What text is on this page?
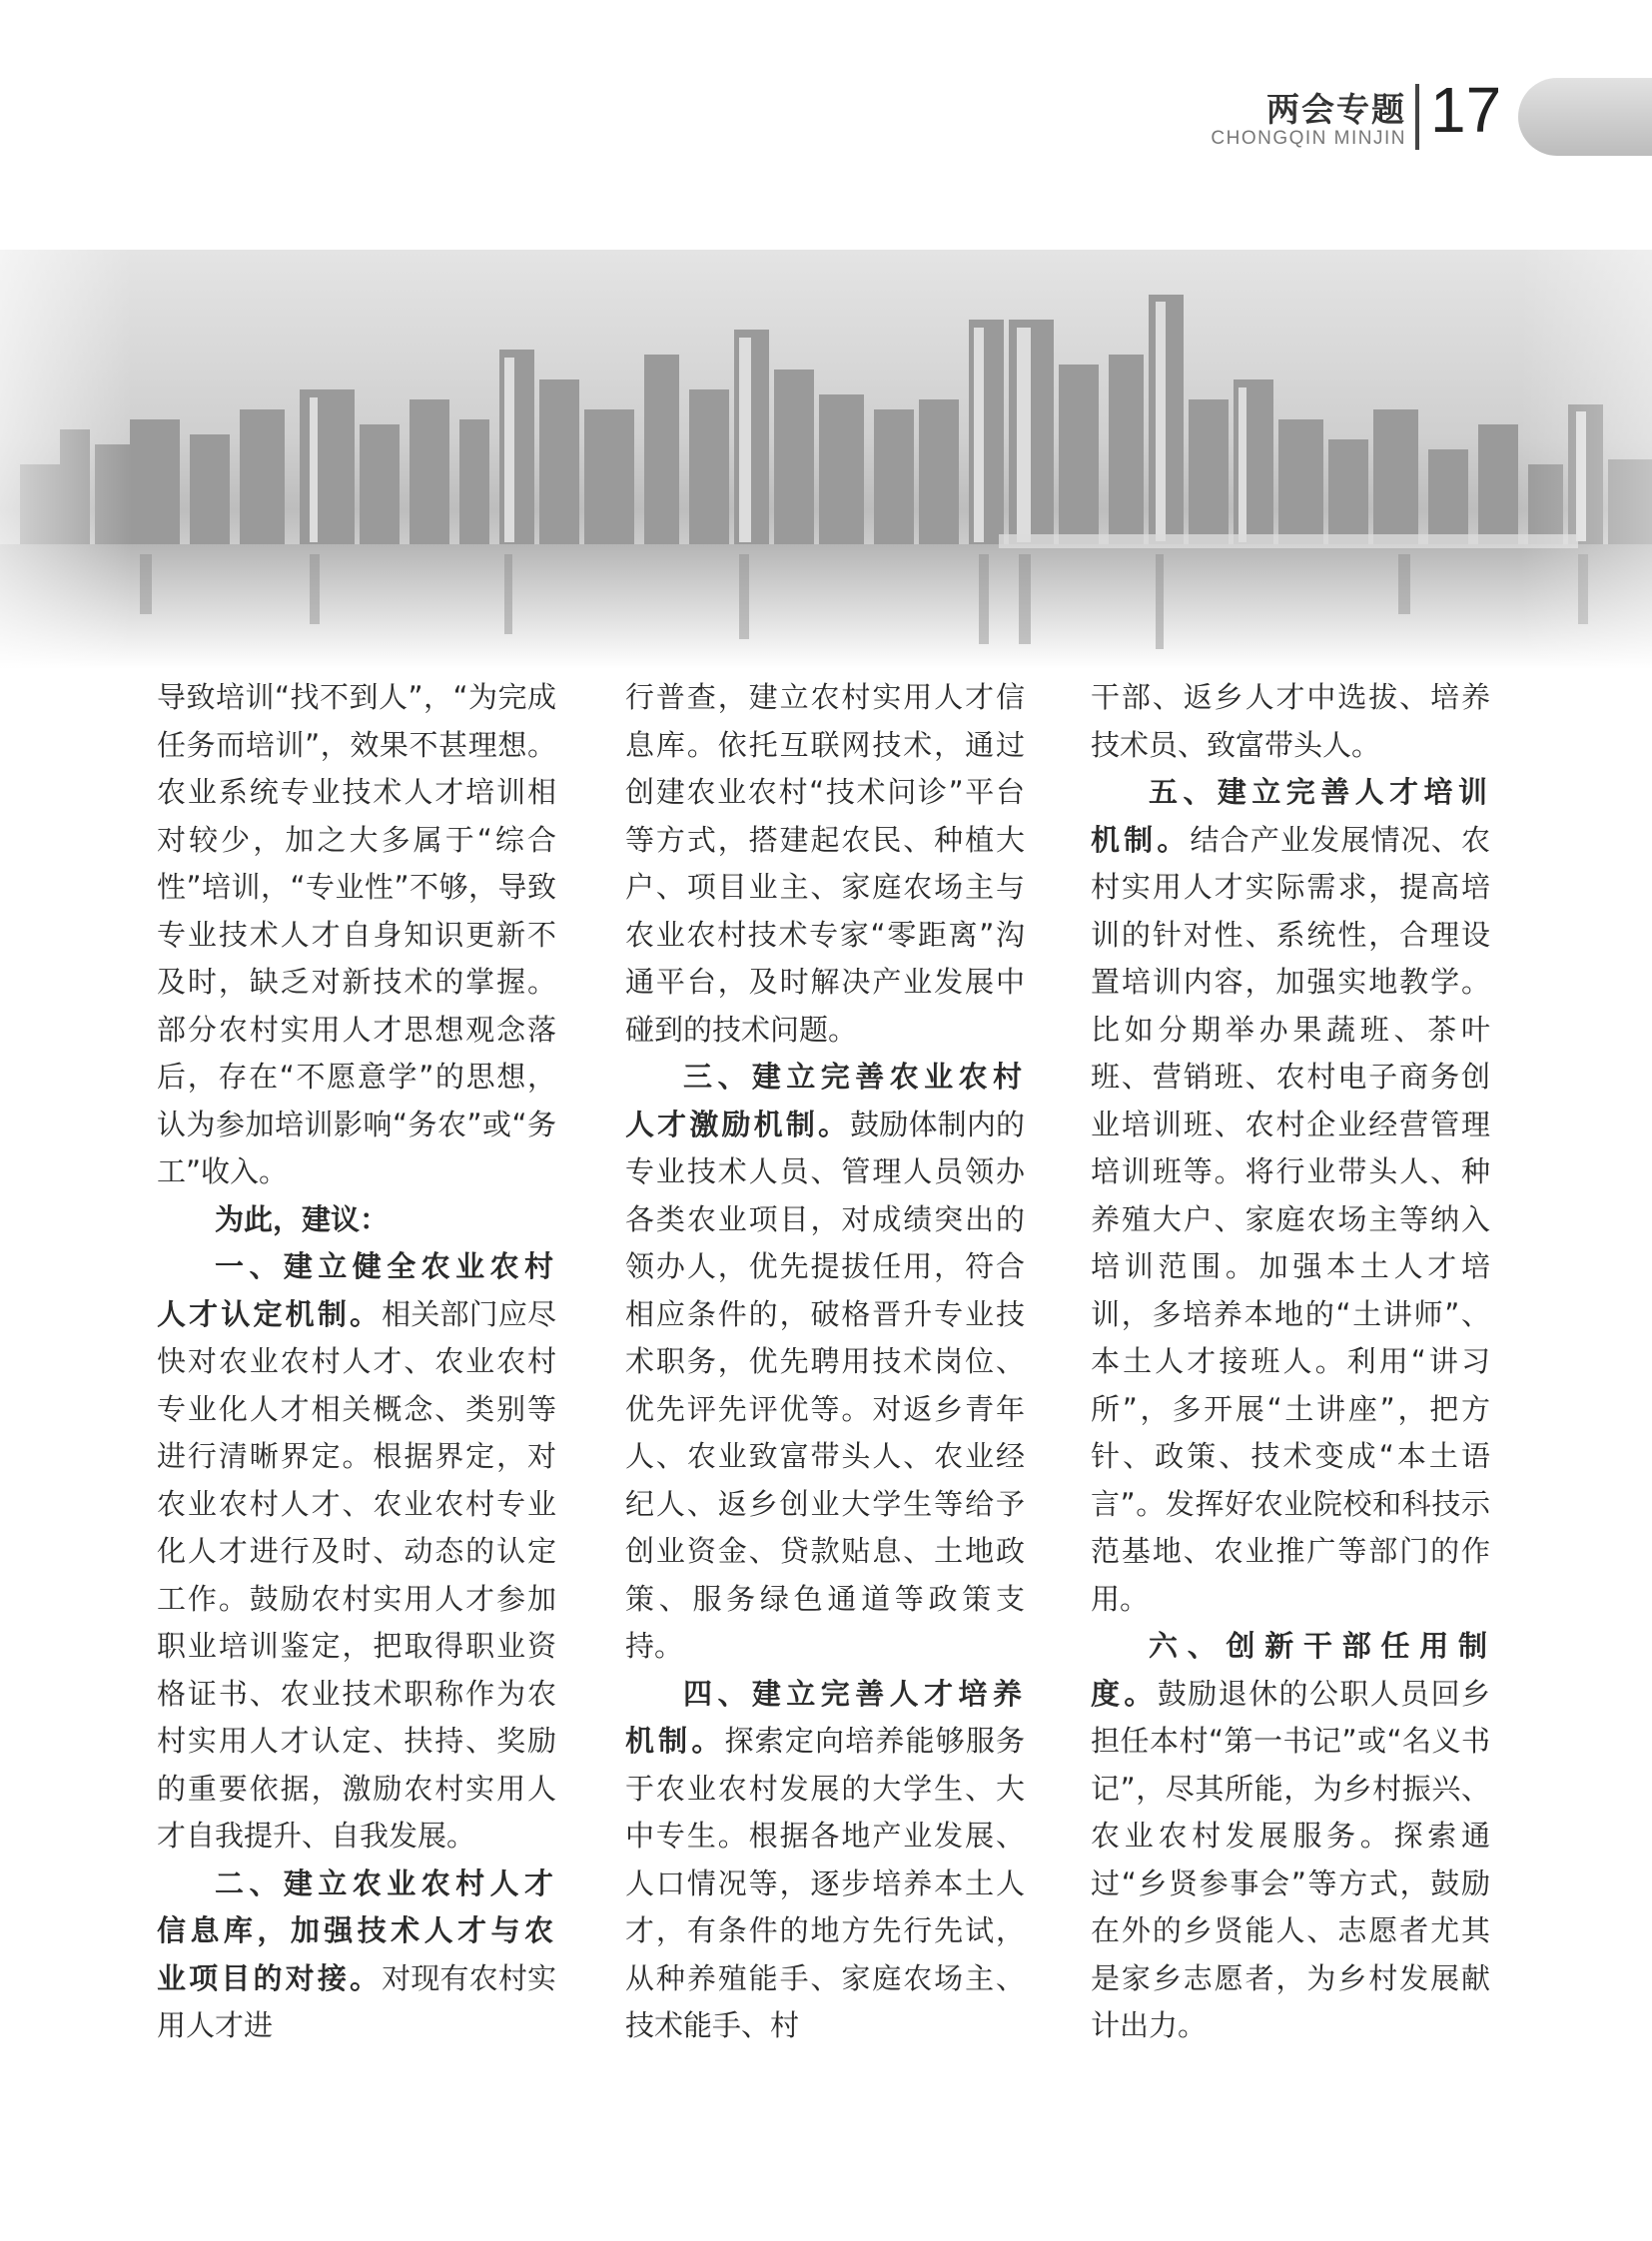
两会专题
CHONGQIN MINJIN 17

导致培训“找不到人”，“为完成任务而培训”，效果不甚理想。农业系统专业技术人才培训相对较少，加之大多属于“综合性”培训，“专业性”不够，导致专业技术人才自身知识更新不及时，缺乏对新技术的掌握。部分农村实用人才思想观念落后，存在“不愿意学”的思想，认为参加培训影响“务农”或“务工”收入。

为此，建议：

一、建立健全农业农村人才认定机制。相关部门应尽快对农业农村人才、农业农村专业化人才相关概念、类别等进行清晰界定。根据界定，对农业农村人才、农业农村专业化人才进行及时、动态的认定工作。鼓励农村实用人才参加职业培训鉴定，把取得职业资格证书、农业技术职称作为农村实用人才认定、扶持、奖励的重要依据，激励农村实用人才自我提升、自我发展。

二、建立农业农村人才信息库，加强技术人才与农业项目的对接。对现有农村实用人才进

行普查，建立农村实用人才信息库。依托互联网技术，通过创建农业农村“技术问诊”平台等方式，搭建起农民、种植大户、项目业主、家庭农场主与农业农村技术专家“零距离”沟通平台，及时解决产业发展中碰到的技术问题。

三、建立完善农业农村人才激励机制。鼓励体制内的专业技术人员、管理人员领办各类农业项目，对成绩突出的领办人，优先提拔任用，符合相应条件的，破格晋升专业技术职务，优先聘用技术岗位、优先评先评优等。对返乡青年人、农业致富带头人、农业经纪人、返乡创业大学生等给予创业资金、贷款贴息、土地政策、服务绿色通道等政策支持。

四、建立完善人才培养机制。探索定向培养能够服务于农业农村发展的大学生、大中专生。根据各地产业发展、人口情况等，逐步培养本土人才，有条件的地方先行先试，从种养殖能手、家庭农场主、技术能手、村

干部、返乡人才中选拔、培养技术员、致富带头人。

五、建立完善人才培训机制。结合产业发展情况、农村实用人才实际需求，提高培训的针对性、系统性，合理设置培训内容，加强实地教学。比如分期举办果蔬班、茶叶班、营销班、农村电子商务创业培训班、农村企业经营管理培训班等。将行业带头人、种养殖大户、家庭农场主等纳入培训范围。加强本土人才培训，多培养本地的“土讲师”、本土人才接班人。利用“讲习所”，多开展“土讲座”，把方针、政策、技术变成“本土语言”。发挥好农业院校和科技示范基地、农业推广等部门的作用。

六、创新干部任用制度。鼓励退休的公职人员回乡担任本村“第一书记”或“名义书记”，尽其所能，为乡村振兴、农业农村发展服务。探索通过“乡贤参事会”等方式，鼓励在外的乡贤能人、志愿者尤其是家乡志愿者，为乡村发展献计出力。
